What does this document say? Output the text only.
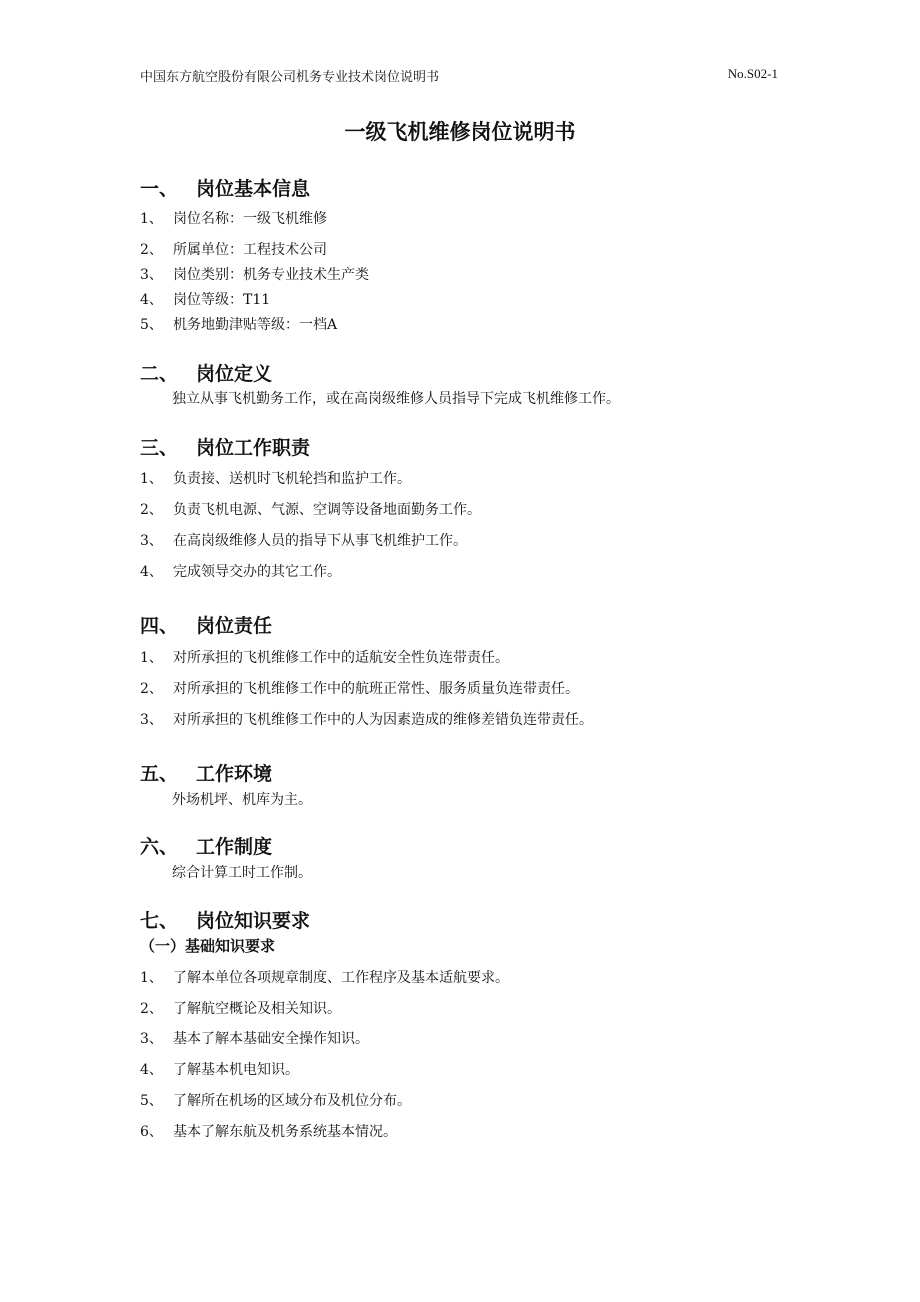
中国东方航空股份有限公司机务专业技术岗位说明书	No.S02-1
一级飞机维修岗位说明书
一、 岗位基本信息
1、 岗位名称：一级飞机维修
2、 所属单位：工程技术公司
3、 岗位类别：机务专业技术生产类
4、 岗位等级：T11
5、 机务地勤津贴等级：一档A
二、 岗位定义
独立从事飞机勤务工作，或在高岗级维修人员指导下完成飞机维修工作。
三、 岗位工作职责
1、 负责接、送机时飞机轮挡和监护工作。
2、 负责飞机电源、气源、空调等设备地面勤务工作。
3、 在高岗级维修人员的指导下从事飞机维护工作。
4、 完成领导交办的其它工作。
四、 岗位责任
1、 对所承担的飞机维修工作中的适航安全性负连带责任。
2、 对所承担的飞机维修工作中的航班正常性、服务质量负连带责任。
3、 对所承担的飞机维修工作中的人为因素造成的维修差错负连带责任。
五、 工作环境
外场机坪、机库为主。
六、 工作制度
综合计算工时工作制。
七、 岗位知识要求
（一）基础知识要求
1、 了解本单位各项规章制度、工作程序及基本适航要求。
2、 了解航空概论及相关知识。
3、 基本了解本基础安全操作知识。
4、 了解基本机电知识。
5、 了解所在机场的区域分布及机位分布。
6、 基本了解东航及机务系统基本情况。
